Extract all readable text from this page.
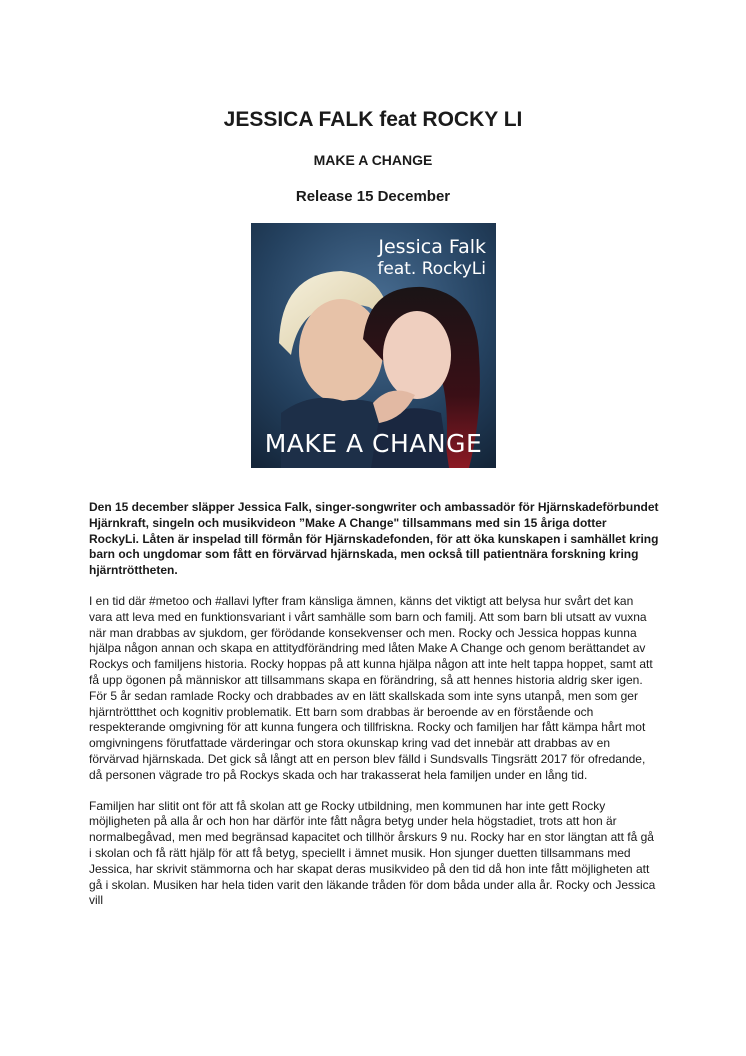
JESSICA FALK feat ROCKY LI
MAKE A CHANGE
Release 15 December
Jessica Falk
feat. RockyLi
MAKE A CHANGE

Den 15 december släpper Jessica Falk, singer-songwriter och ambassadör för Hjärnskadeförbundet Hjärnkraft, singeln och musikvideon ”Make A Change" tillsammans med sin 15 åriga dotter RockyLi. Låten är inspelad till förmån för Hjärnskadefonden, för att öka kunskapen i samhället kring barn och ungdomar som fått en förvärvad hjärnskada, men också till patientnära forskning kring hjärntröttheten.

I en tid där #metoo och #allavi lyfter fram känsliga ämnen, känns det viktigt att belysa hur svårt det kan vara att leva med en funktionsvariant i vårt samhälle som barn och familj. Att som barn bli utsatt av vuxna när man drabbas av sjukdom, ger förödande konsekvenser och men. Rocky och Jessica hoppas kunna hjälpa någon annan och skapa en attitydförändring med låten Make A Change och genom berättandet av Rockys och familjens historia. Rocky hoppas på att kunna hjälpa någon att inte helt tappa hoppet, samt att få upp ögonen på människor att tillsammans skapa en förändring, så att hennes historia aldrig sker igen. För 5 år sedan ramlade Rocky och drabbades av en lätt skallskada som inte syns utanpå, men som ger hjärntröttthet och kognitiv problematik. Ett barn som drabbas är beroende av en förstående och respekterande omgivning för att kunna fungera och tillfriskna. Rocky och familjen har fått kämpa hårt mot omgivningens förutfattade värderingar och stora okunskap kring vad det innebär att drabbas av en förvärvad hjärnskada. Det gick så långt att en person blev fälld i Sundsvalls Tingsrätt 2017 för ofredande, då personen vägrade tro på Rockys skada och har trakasserat hela familjen under en lång tid.

Familjen har slitit ont för att få skolan att ge Rocky utbildning, men kommunen har inte gett Rocky möjligheten på alla år och hon har därför inte fått några betyg under hela högstadiet, trots att hon är normalbegåvad, men med begränsad kapacitet och tillhör årskurs 9 nu. Rocky har en stor längtan att få gå i skolan och få rätt hjälp för att få betyg, speciellt i ämnet musik. Hon sjunger duetten tillsammans med Jessica, har skrivit stämmorna och har skapat deras musikvideo på den tid då hon inte fått möjligheten att gå i skolan. Musiken har hela tiden varit den läkande tråden för dom båda under alla år. Rocky och Jessica vill
